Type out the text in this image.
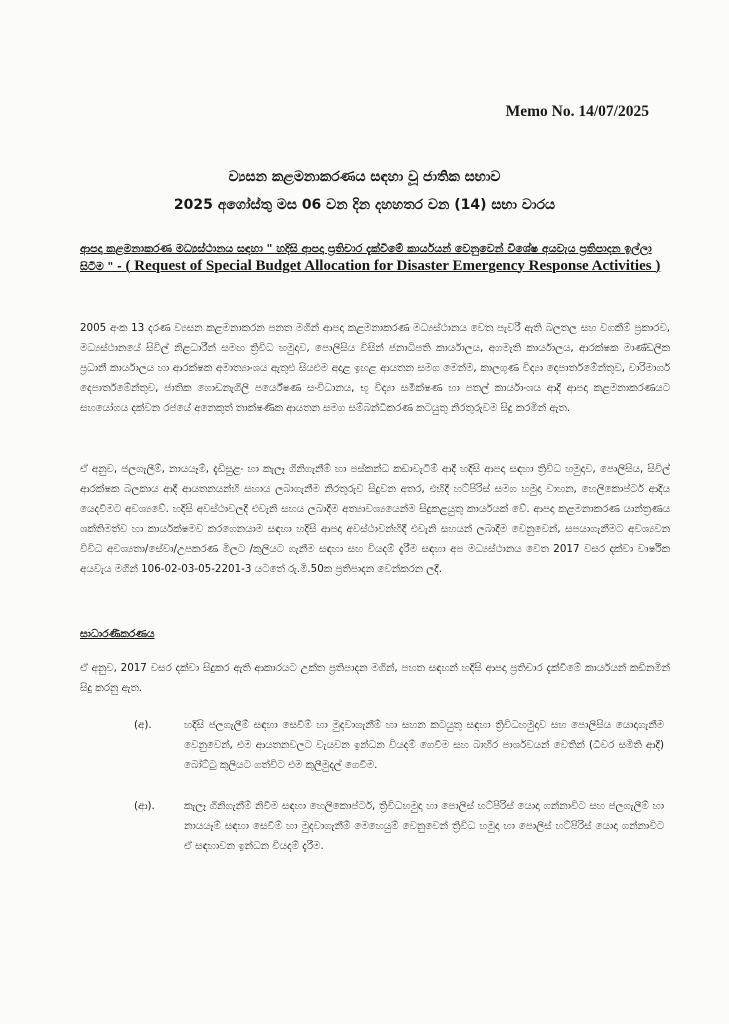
Memo No. 14/07/2025
ව්‍යසන කළමනාකරණය සඳහා වූ ජාතික සභාව
2025 අගෝස්තු මස 06 වන දින දහහතර වන (14) සභා වාරය
ආපදා කළමනාකරණ මධ්‍යස්ථානය සඳහා " හදිසි ආපදා ප්‍රතිචාර දැක්වීමේ කාර්යයන් වෙනුවෙන් විශේෂ අයවැය ප්‍රතිපාදන ඉල්ලා සිටීම " - ( Request of Special Budget Allocation for Disaster Emergency Response Activities )
2005 අංක 13 දරණ ව්‍යසන කළමනාකරන පනත මගින් ආපදා කළමනාකරණ මධ්‍යස්ථානය වෙත පැවරී ඇති බලතල සහ වගකීම් ප්‍රකාරව, මධ්‍යස්ථානයේ සිවිල් නිළධාරීන් සමඟ ත්‍රිවිධ හමුදාව, පොලිසිය විසින් ජනාධිපති කාර්යාලය, අගමැති කාර්යාලය, ආරක්ෂක මාණ්ඩලික ප්‍රධානී කාර්යාලය හා ආරක්ෂක අමාත්‍යාංශය ඇතුළු සියළුම අදාළ ඉහළ ආයතන සමග මෙන්ම, කාලගුණ විද්‍යා දෙපාර්තමේන්තුව, වාරිමාර්ග දෙපාර්තමේන්තුව, ජාතික ගොඩනැගිලි පර්යේෂණ සංවිධානය, භූ විද්‍යා සමීක්ෂණ හා පතල් කාර්යාංශය ආදී ආපදා කළමනාකරණයට සහයෝගය දක්වන රජයේ අනෙකුත් තාක්ෂණික ආයතන සමග සම්බන්ධීකරණ කටයුතු නිරතුරුවම සිදු කරමින් ඇත.
ඒ අනුව, ජලගැලීම්, නායයෑම්, දැඩිසුළං හා කැලෑ ගිනිගැනීම් හා පස්කන්ධ කඩාවැටීම් ආදී හදිසි ආපදා සඳහා ත්‍රිවිධ හමුදාව, පොලිසිය, සිවිල් ආරක්ෂක බලකාය ආදී ආයතනයන්හි සහාය ලබාගැනීම නිරතුරුව සිදුවන අතර, එහිදී හට්පිරිස් සමග හමුදා වාහන, හෙලිකොප්ටර් ආදිය යෙදවීමට අවශ්‍යවේ. හදිසි අවස්ථාවලදී එවැනි සහය ලබාදීම අත්‍යාවශ්‍යයෙන්ම සිදුකළයුතු කාර්යයක් වේ. ආපදා කළමනාකරණ යාන්ත්‍රණය ශක්තිමත්ව හා කාර්යක්ෂමව කරගෙනයාම සඳහා හදිසි ආපදා අවස්ථාවන්හිදී එවැනි සහයන් ලබාදීම වෙනුවෙන්, සපයාගැනීමට අවශ්‍යවන විවිධ අවශ්‍යතා/සේවා/උපකරණ මිලට /කුලියට ගැනීම සඳහා සහ වියදම් දැරීම සඳහා අප මධ්‍යස්ථානය වෙත 2017 වසර දක්වා වාර්ෂික අයවැය මගින් 106-02-03-05-2201-3 යටතේ රු.මි.50ක ප්‍රතිපාදන වෙන්කරන ලදී.
සාධාරණීකරණය
ඒ අනුව, 2017 වසර දක්වා සිදුකර ඇති ආකාරයට උක්ත ප්‍රතිපාදන මගින්, පහත සඳහන් හදිසි ආපදා ප්‍රතිචාර දැක්වීමේ කාර්යයන් කඩිනමින් සිදු කරනු ඇත.
(අ).	හදිසි ජලගැලීම් සඳහා සෙවීම් හා මුදවාගැනීම් හා සහන කටයුතු සඳහා ත්‍රිවිධහමුදාව සහ පොලිසිය යොදාගැනීම වෙනුවෙන්, එම ආයතනවලට වැයවන ඉන්ධන වියදම් ගෙවීම සහ බාහිර පාර්ශවයන් වෙතින් (ධීවර සමිති ආදී) බෝට්ටු කුලියට ගත්විට එම කුලීමුදල් ගෙවීම.
(ආ).	කැලෑ ගිනිගැනීම් නිවීම සඳහා හෙලිකොප්ටර්, ත්‍රිවිධහමුදා හා පොලිස් හට්පිරිස් යොදා ගන්නාවිට සහ ජලගැලීම් හා නායයෑම් සඳහා සෙවීම් හා මුදවාගැනීම් මෙහෙයුම් වෙනුවෙන් ත්‍රිවිධ හමුදා හා පොලිස් හට්පිරිස් යොදා ගන්නාවිට ඒ සඳහාවන ඉන්ධන වියදම් දැරීම.
